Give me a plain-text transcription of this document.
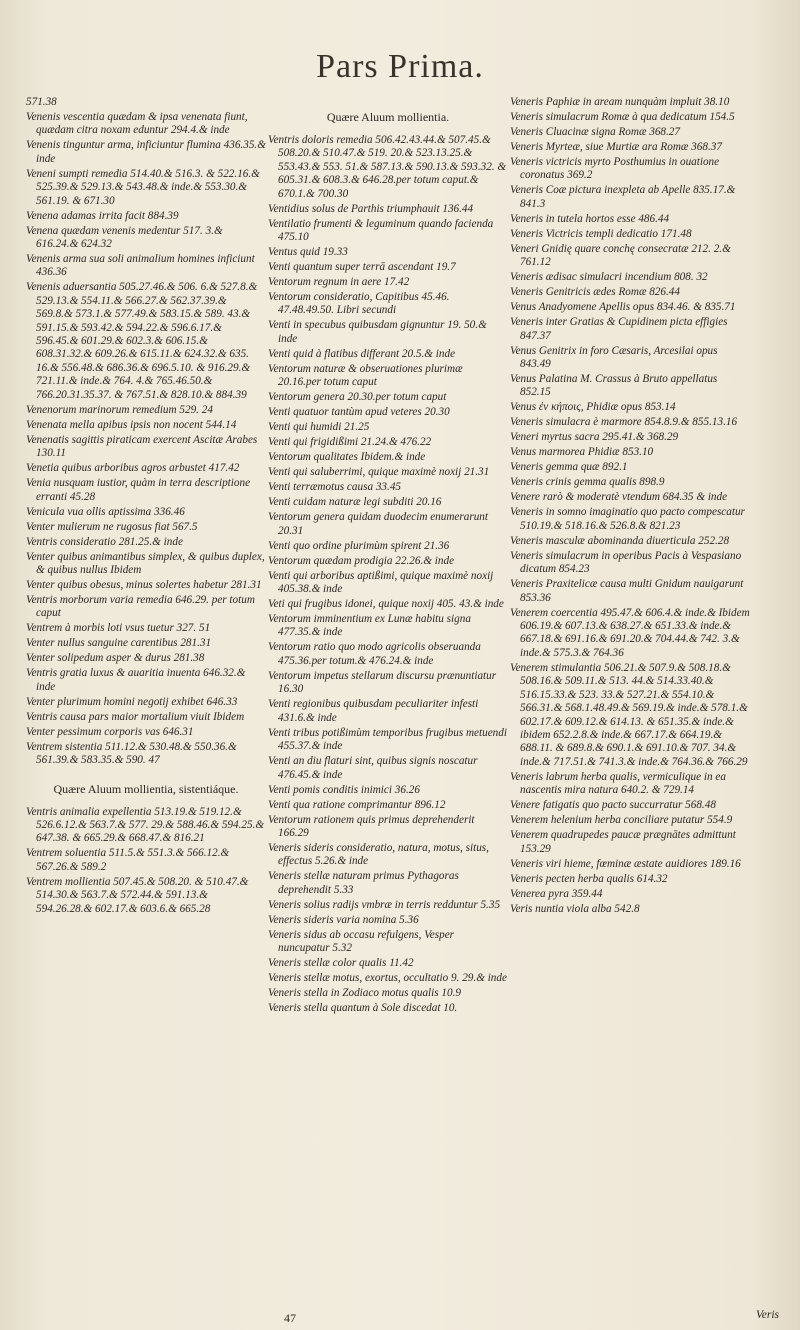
Pars Prima.
571.38
Venenis vescentia quædam & ipsa venenata fiunt, quædam citra noxam eduntur 294.4.& inde
Venenis tinguntur arma, inficiuntur flumina 436.35.& inde
Veneni sumpti remedia 514.40.& 516.3. & 522.16.& 525.39.& 529.13.& 543.48.& inde.& 553.30.& 561.19. & 671.30
Venena adamas irrita facit 884.39
Venena quædam venenis medentur 517. 3.& 616.24.& 624.32
Venenis arma sua soli animalium homines inficiunt 436.36
Venenis aduersantia 505.27.46.& 506. 6.& 527.8.& 529.13.& 554.11.& 566.27.& 562.37.39.& 569.8.& 573.1.& 577.49.& 583.15.& 589. 43.& 591.15.& 593.42.& 594.22.& 596.6.17.& 596.45.& 601.29.& 602.3.& 606.15.& 608.31.32.& 609.26.& 615.11.& 624.32.& 635. 16.& 556.48.& 686.36.& 696.5.10. & 916.29.& 721.11.& inde.& 764. 4.& 765.46.50.& 766.20.31.35.37. & 767.51.& 828.10.& 884.39
Venenorum marinorum remedium 529. 24
Venenata mella apibus ipsis non nocent 544.14
Venenatis sagittis piraticam exercent Ascitæ Arabes 130.11
Venetia quibus arboribus agros arbustet 417.42
Venia nusquam iustior, quàm in terra descriptione erranti 45.28
Venicula vua ollis aptissima 336.46
Venter mulierum ne rugosus fiat 567.5
Ventris consideratio 281.25.& inde
Venter quibus animantibus simplex, & quibus duplex, & quibus nullus Ibidem
Venter quibus obesus, minus solertes habetur 281.31
Ventris morborum varia remedia 646.29. per totum caput
Ventrem à morbis loti vsus tuetur 327. 51
Venter nullus sanguine carentibus 281.31
Venter solipedum asper & durus 281.38
Ventris gratia luxus & auaritia inuenta 646.32.& inde
Venter plurimum homini negotij exhibet 646.33
Ventris causa pars maior mortalium viuit Ibidem
Venter pessimum corporis vas 646.31
Ventrem sistentia 511.12.& 530.48.& 550.36.& 561.39.& 583.35.& 590. 47
Quære Aluum mollientia, sistentiáque.
Ventris animalia expellentia 513.19.& 519.12.& 526.6.12.& 563.7.& 577. 29.& 588.46.& 594.25.& 647.38. & 665.29.& 668.47.& 816.21
Ventrem soluentia 511.5.& 551.3.& 566.12.& 567.26.& 589.2
Ventrem mollientia 507.45.& 508.20. & 510.47.& 514.30.& 563.7.& 572.44.& 591.13.& 594.26.28.& 602.17.& 603.6.& 665.28
Quære Aluum mollientia.
Ventris doloris remedia 506.42.43.44.& 507.45.& 508.20.& 510.47.& 519. 20.& 523.13.25.& 553.43.& 553. 51.& 587.13.& 590.13.& 593.32. & 605.31.& 608.3.& 646.28.per totum caput.& 670.1.& 700.30
Ventidius solus de Parthis triumphauit 136.44
Ventilatio frumenti & leguminum quando facienda 475.10
Ventus quid 19.33
Venti quantum super terrā ascendant 19.7
Ventorum regnum in aere 17.42
Ventorum consideratio, Capitibus 45.46. 47.48.49.50. Libri secundi
Venti in specubus quibusdam gignuntur 19. 50.& inde
Venti quid à flatibus differant 20.5.& inde
Ventorum naturæ & obseruationes plurimæ 20.16.per totum caput
Ventorum genera 20.30.per totum caput
Venti quatuor tantùm apud veteres 20.30
Venti qui humidi 21.25
Venti qui frigidißimi 21.24.& 476.22
Ventorum qualitates Ibidem.& inde
Venti qui saluberrimi, quique maximè noxij 21.31
Venti terræmotus causa 33.45
Venti cuidam naturæ legi subditi 20.16
Ventorum genera quidam duodecim enumerarunt 20.31
Venti quo ordine plurimùm spirent 21.36
Ventorum quædam prodigia 22.26.& inde
Venti qui arboribus aptißimi, quique maximè noxij 405.38.& inde
Veti qui frugibus idonei, quique noxij 405. 43.& inde
Ventorum imminentium ex Lunæ habitu signa 477.35.& inde
Ventorum ratio quo modo agricolis obseruanda 475.36.per totum.& 476.24.& inde
Ventorum impetus stellarum discursu prænuntiatur 16.30
Venti regionibus quibusdam peculiariter infesti 431.6.& inde
Venti tribus potißimùm temporibus frugibus metuendi 455.37.& inde
Venti an diu flaturi sint, quibus signis noscatur 476.45.& inde
Venti pomis conditis inimici 36.26
Venti qua ratione comprimantur 896.12
Ventorum rationem quis primus deprehenderit 166.29
Veneris sideris consideratio, natura, motus, situs, effectus 5.26.& inde
Veneris stellæ naturam primus Pythagoras deprehendit 5.33
Veneris solius radijs vmbræ in terris redduntur 5.35
Veneris sideris varia nomina 5.36
Veneris sidus ab occasu refulgens, Vesper nuncupatur 5.32
Veneris stellæ color qualis 11.42
Veneris stellæ motus, exortus, occultatio 9. 29.& inde
Veneris stella in Zodiaco motus qualis 10.9
Veneris stella quantum à Sole discedat 10.
Veneris Paphiæ in aream nunquàm impluit 38.10
Veneris simulacrum Romæ à qua dedicatum 154.5
Veneris Cluacinæ signa Romæ 368.27
Veneris Myrteæ, siue Murtiæ ara Romæ 368.37
Veneris victricis myrto Posthumius in ouatione coronatus 369.2
Veneris Coæ pictura inexpleta ab Apelle 835.17.& 841.3
Veneris in tutela hortos esse 486.44
Veneris Victricis templi dedicatio 171.48
Veneri Gnidię quare conchę consecratæ 212. 2.& 761.12
Veneris ædisac simulacri incendium 808. 32
Veneris Genitricis ædes Romæ 826.44
Venus Anadyomene Apellis opus 834.46. & 835.71
Veneris inter Gratias & Cupidinem picta effigies 847.37
Venus Genitrix in foro Cæsaris, Arcesilai opus 843.49
Venus Palatina M. Crassus à Bruto appellatus 852.15
Venus ἐν κήποις, Phidiæ opus 853.14
Veneris simulacra è marmore 854.8.9.& 855.13.16
Veneri myrtus sacra 295.41.& 368.29
Venus marmorea Phidiæ 853.10
Veneris gemma quæ 892.1
Veneris crinis gemma qualis 898.9
Venere rarò & moderatè vtendum 684.35 & inde
Veneris in somno imaginatio quo pacto compescatur 510.19.& 518.16.& 526.8.& 821.23
Veneris masculæ abominanda diuerticula 252.28
Veneris simulacrum in operibus Pacis à Vespasiano dicatum 854.23
Veneris Praxitelicæ causa multi Gnidum nauigarunt 853.36
Venerem coercentia 495.47.& 606.4.& inde.& Ibidem 606.19.& 607.13.& 638.27.& 651.33.& inde.& 667.18.& 691.16.& 691.20.& 704.44.& 742. 3.& inde.& 575.3.& 764.36
Venerem stimulantia 506.21.& 507.9.& 508.18.& 508.16.& 509.11.& 513. 44.& 514.33.40.& 516.15.33.& 523. 33.& 527.21.& 554.10.& 566.31.& 568.1.48.49.& 569.19.& inde.& 578.1.& 602.17.& 609.12.& 614.13. & 651.35.& inde.& ibidem 652.2.8.& inde.& 667.17.& 664.19.& 688.11. & 689.8.& 690.1.& 691.10.& 707. 34.& inde.& 717.51.& 741.3.& inde.& 764.36.& 766.29
Veneris labrum herba qualis, vermiculique in ea nascentis mira natura 640.2. & 729.14
Venere fatigatis quo pacto succurratur 568.48
Venerem helenium herba conciliare putatur 554.9
Venerem quadrupedes paucæ prægnātes admittunt 153.29
Veneris viri hieme, fœminæ æstate auidiores 189.16
Veneris pecten herba qualis 614.32
Venerea pyra 359.44
Veris nuntia viola alba 542.8
47	Veris
